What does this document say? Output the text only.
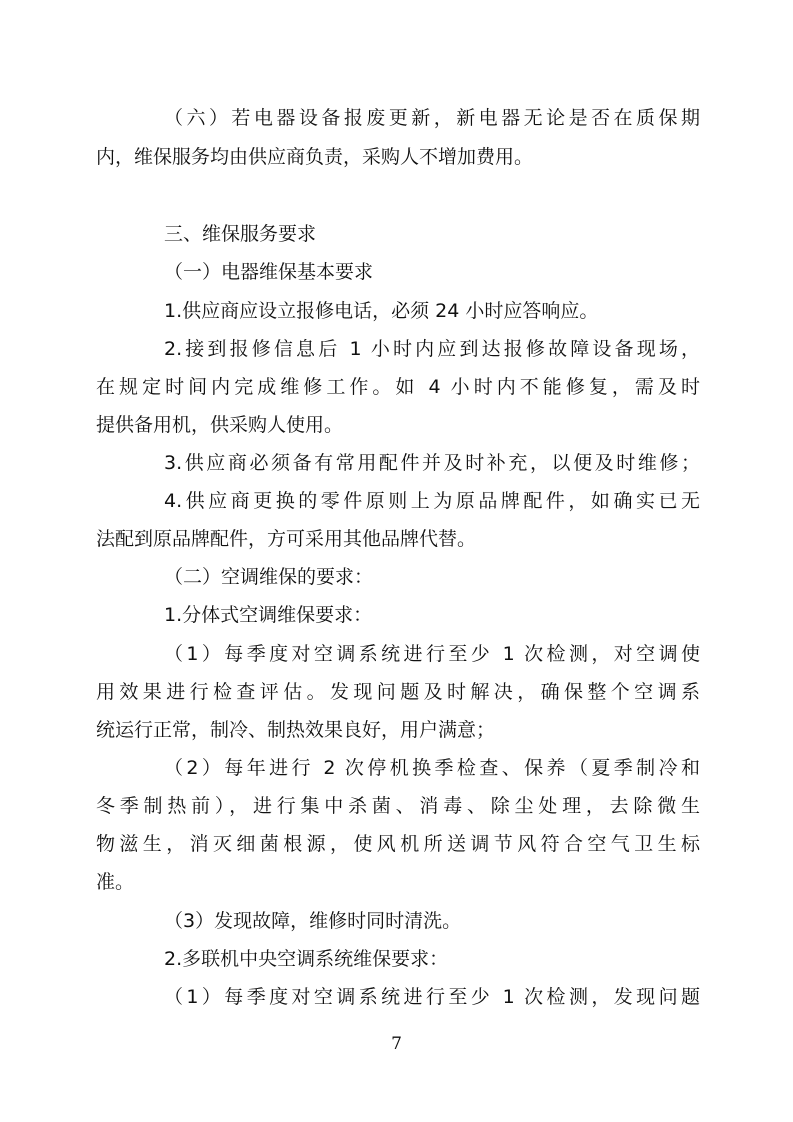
（六）若电器设备报废更新，新电器无论是否在质保期
内，维保服务均由供应商负责，采购人不增加费用。
三、维保服务要求
（一）电器维保基本要求
1.供应商应设立报修电话，必须 24 小时应答响应。
2.接到报修信息后 1 小时内应到达报修故障设备现场，
在规定时间内完成维修工作。如 4 小时内不能修复，需及时
提供备用机，供采购人使用。
3.供应商必须备有常用配件并及时补充，以便及时维修；
4.供应商更换的零件原则上为原品牌配件，如确实已无
法配到原品牌配件，方可采用其他品牌代替。
（二）空调维保的要求：
1.分体式空调维保要求：
（1）每季度对空调系统进行至少 1 次检测，对空调使
用效果进行检查评估。发现问题及时解决，确保整个空调系
统运行正常，制冷、制热效果良好，用户满意；
（2）每年进行 2 次停机换季检查、保养（夏季制冷和
冬季制热前），进行集中杀菌、消毒、除尘处理，去除微生
物滋生，消灭细菌根源，使风机所送调节风符合空气卫生标
准。
（3）发现故障，维修时同时清洗。
2.多联机中央空调系统维保要求：
（1）每季度对空调系统进行至少 1 次检测，发现问题
7
